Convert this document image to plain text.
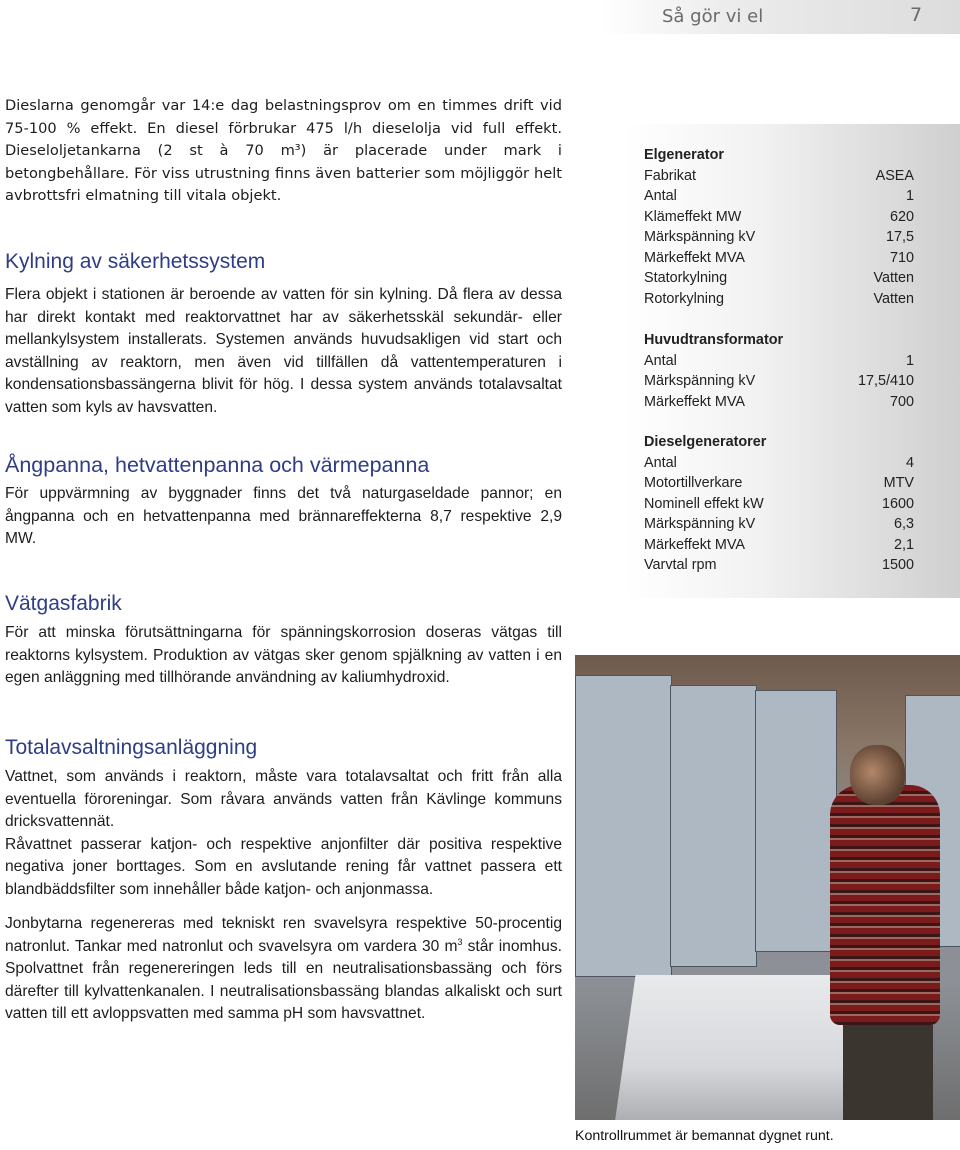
Så gör vi el	7

Dieslarna genomgår var 14:e dag belastningsprov om en timmes drift vid 75-100 % effekt. En diesel förbrukar 475 l/h dieselolja vid full effekt. Dieseloljetankarna (2 st à 70 m³) är placerade under mark i betongbehållare. För viss utrustning finns även batterier som möjliggör helt avbrottsfri elmatning till vitala objekt.

Kylning av säkerhetssystem

Flera objekt i stationen är beroende av vatten för sin kylning. Då flera av dessa har direkt kontakt med reaktorvattnet har av säkerhetsskäl sekundär- eller mellankylsystem installerats. Systemen används huvudsakligen vid start och avställning av reaktorn, men även vid tillfällen då vattentemperaturen i kondensationsbassängerna blivit för hög. I dessa system används totalavsaltat vatten som kyls av havsvatten.

Ångpanna, hetvattenpanna och värmepanna

För uppvärmning av byggnader finns det två naturgaseldade pannor; en ångpanna och en hetvattenpanna med brännareffekterna 8,7 respektive 2,9 MW.

Vätgasfabrik

För att minska förutsättningarna för spänningskorrosion doseras vätgas till reaktorns kylsystem. Produktion av vätgas sker genom spjälkning av vatten i en egen anläggning med tillhörande användning av kaliumhydroxid.

Totalavsaltningsanläggning

Vattnet, som används i reaktorn, måste vara totalavsaltat och fritt från alla eventuella föroreningar. Som råvara används vatten från Kävlinge kommuns dricksvattennät.

Råvattnet passerar katjon- och respektive anjonfilter där positiva respektive negativa joner borttages. Som en avslutande rening får vattnet passera ett blandbäddsfilter som innehåller både katjon- och anjonmassa.

Jonbytarna regenereras med tekniskt ren svavelsyra respektive 50-procentig natronlut. Tankar med natronlut och svavelsyra om vardera 30 $m^3$ står inomhus. Spolvattnet från regenereringen leds till en neutralisationsbassäng och förs därefter till kylvattenkanalen. I neutralisationsbassäng blandas alkaliskt och surt vatten till ett avloppsvatten med samma pH som havsvattnet.

Elgenerator
Fabrikat	ASEA
Antal	1
Klämeffekt MW	620
Märkspänning kV	17,5
Märkeffekt MVA	710
Statorkylning	Vatten
Rotorkylning	Vatten
Huvudtransformator
Antal	1
Märkspänning kV	17,5/410
Märkeffekt MVA	700
Dieselgeneratorer
Antal	4
Motortillverkare	MTV
Nominell effekt kW	1600
Märkspänning kV	6,3
Märkeffekt MVA	2,1
Varvtal rpm	1500
Kontrollrummet är bemannat dygnet runt.
